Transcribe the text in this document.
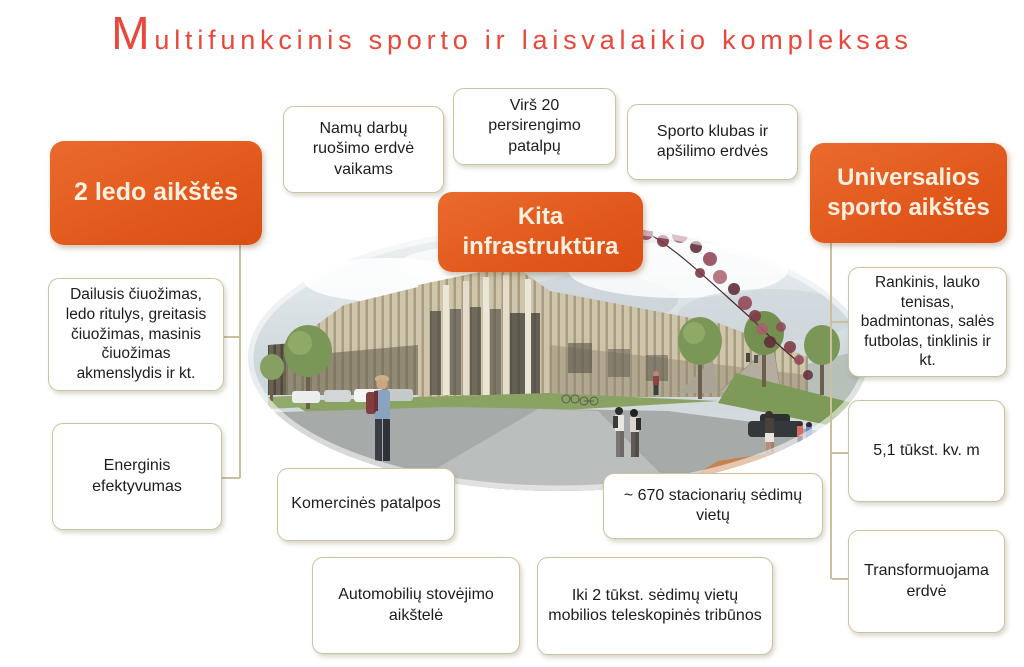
Multifunkcinis sporto ir laisvalaikio kompleksas
2 ledo aikštės
Kita infrastruktūra
Universalios sporto aikštės
Namų darbų ruošimo erdvė vaikams
Virš 20 persirengimo patalpų
Sporto klubas ir apšilimo erdvės
Dailusis čiuožimas, ledo ritulys, greitasis čiuožimas, masinis čiuožimas akmenslydis ir kt.
Energinis efektyvumas
Rankinis, lauko tenisas, badmintonas, salės futbolas, tinklinis ir kt.
5,1 tūkst. kv. m
Transformuojama erdvė
Komercinės patalpos
~ 670 stacionarių sėdimų vietų
Automobilių stovėjimo aikštelė
Iki 2 tūkst. sėdimų vietų mobilios teleskopinės tribūnos
